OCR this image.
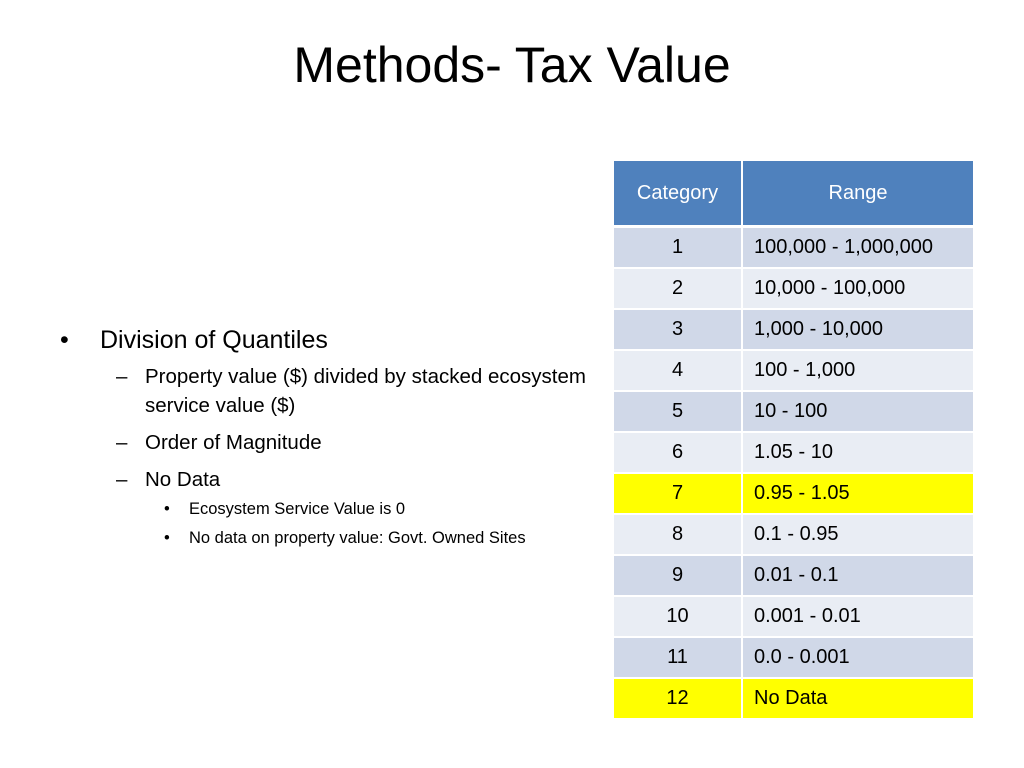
Methods- Tax Value
• Division of Quantiles
– Property value ($) divided by stacked ecosystem service value ($)
– Order of Magnitude
– No Data
• Ecosystem Service Value is 0
• No data on property value: Govt. Owned Sites
Category	Range
1	100,000 - 1,000,000
2	10,000 - 100,000
3	1,000 - 10,000
4	100 - 1,000
5	10 - 100
6	1.05 - 10
7	0.95 - 1.05
8	0.1 - 0.95
9	0.01 - 0.1
10	0.001 - 0.01
11	0.0 - 0.001
12	No Data
